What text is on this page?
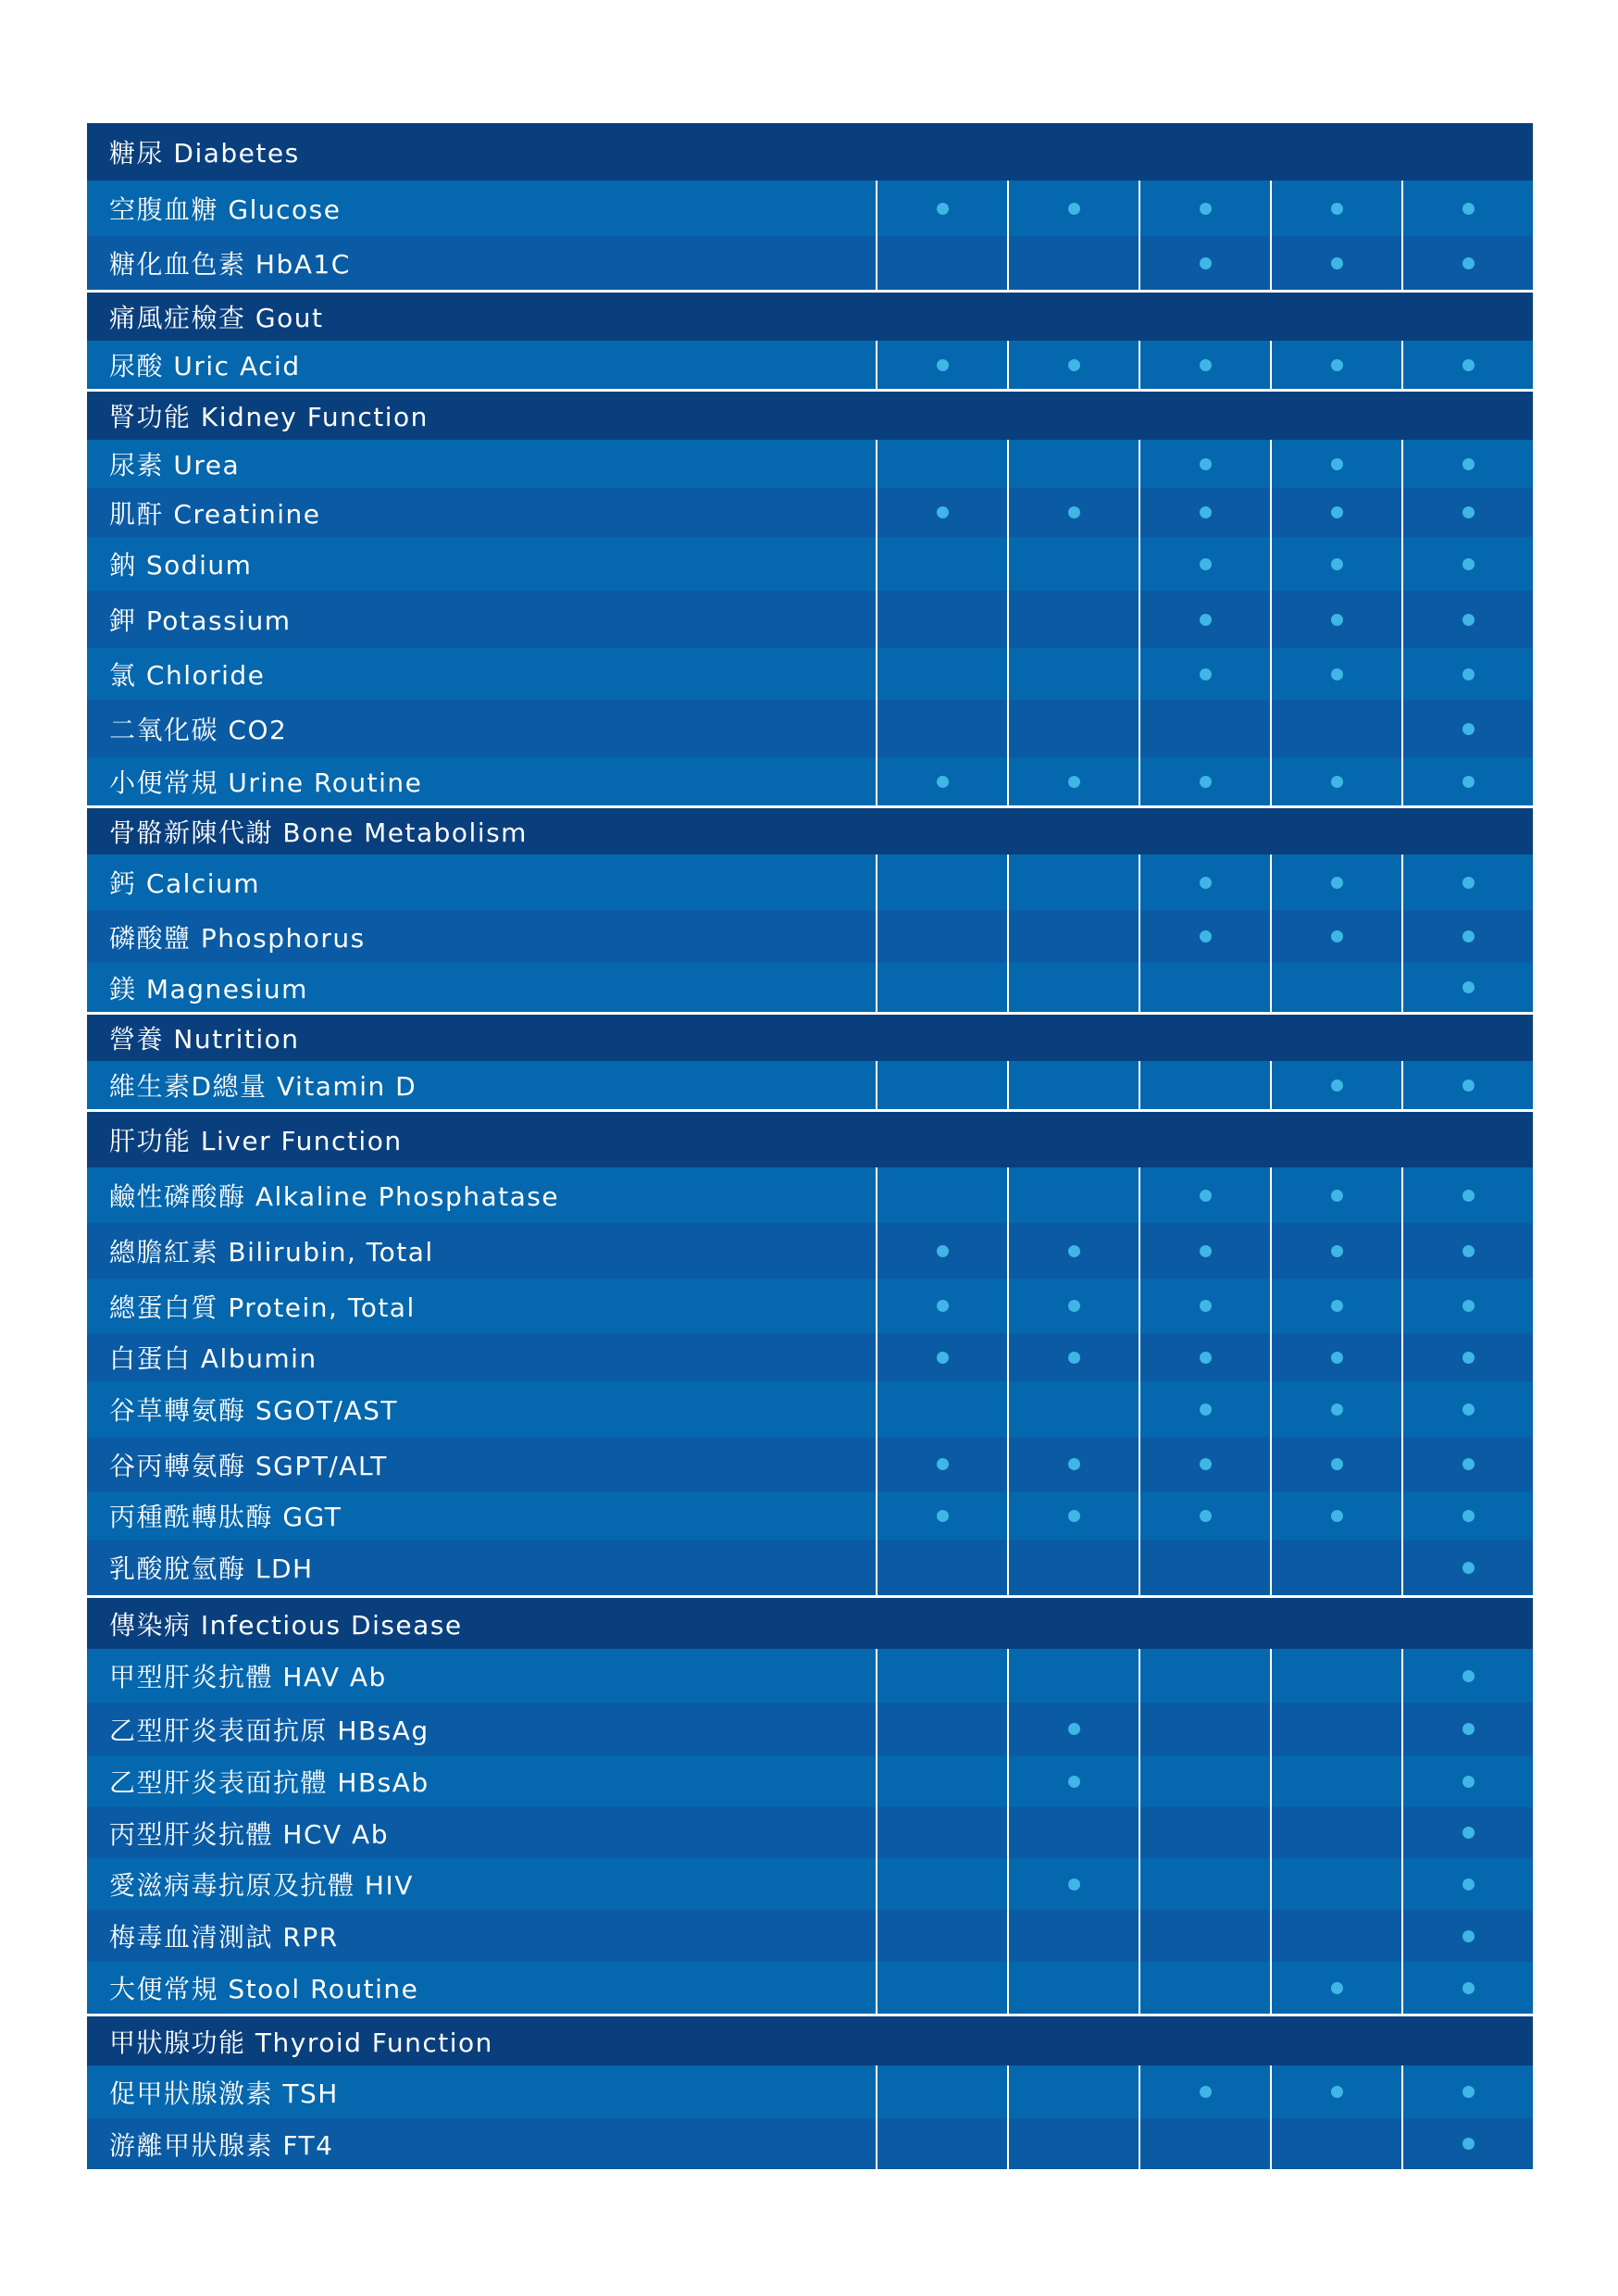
糖尿 Diabetes
空腹血糖 Glucose
糖化血色素 HbA1C
痛風症檢查 Gout
尿酸 Uric Acid
腎功能 Kidney Function
尿素 Urea
肌酐 Creatinine
鈉 Sodium
鉀 Potassium
氯 Chloride
二氧化碳 CO2
小便常規 Urine Routine
骨骼新陳代謝 Bone Metabolism
鈣 Calcium
磷酸鹽 Phosphorus
鎂 Magnesium
營養 Nutrition
維生素D總量 Vitamin D
肝功能 Liver Function
鹼性磷酸酶 Alkaline Phosphatase
總膽紅素 Bilirubin, Total
總蛋白質 Protein, Total
白蛋白 Albumin
谷草轉氨酶 SGOT/AST
谷丙轉氨酶 SGPT/ALT
丙種酰轉肽酶 GGT
乳酸脫氫酶 LDH
傳染病 Infectious Disease
甲型肝炎抗體 HAV Ab
乙型肝炎表面抗原 HBsAg
乙型肝炎表面抗體 HBsAb
丙型肝炎抗體 HCV Ab
愛滋病毒抗原及抗體 HIV
梅毒血清測試 RPR
大便常規 Stool Routine
甲狀腺功能 Thyroid Function
促甲狀腺激素 TSH
游離甲狀腺素 FT4
